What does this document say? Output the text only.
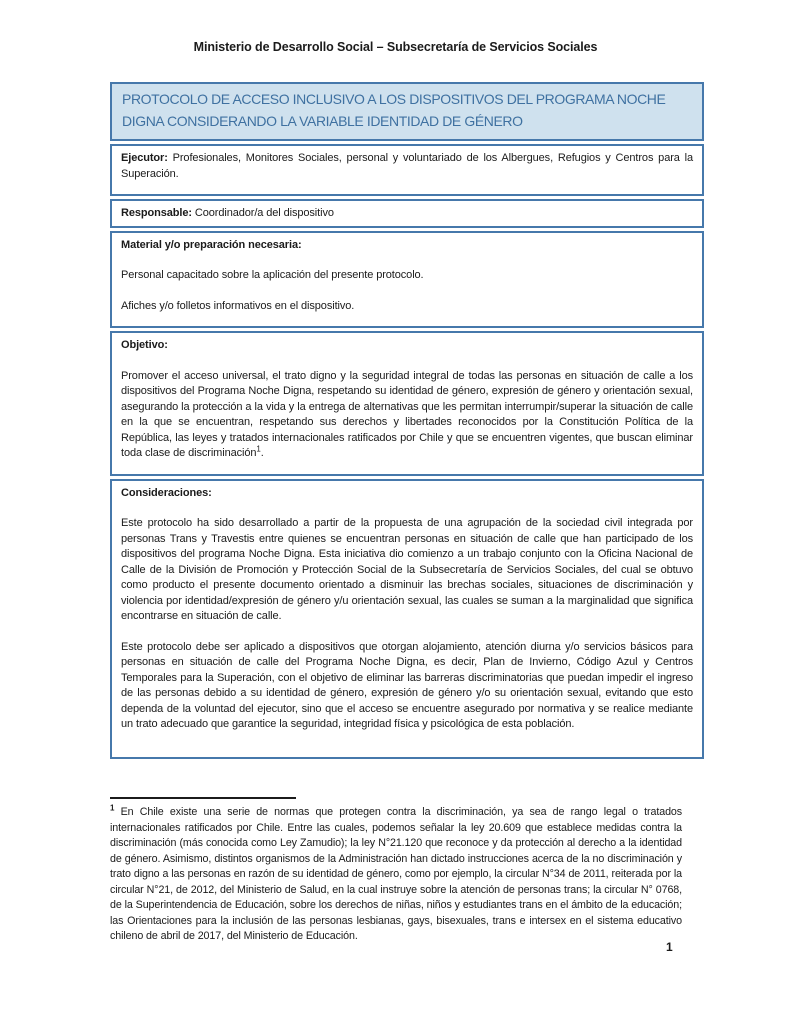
Ministerio de Desarrollo Social – Subsecretaría de Servicios Sociales
PROTOCOLO DE ACCESO INCLUSIVO A LOS DISPOSITIVOS DEL PROGRAMA NOCHE DIGNA CONSIDERANDO LA VARIABLE IDENTIDAD DE GÉNERO

Ejecutor: Profesionales, Monitores Sociales, personal y voluntariado de los Albergues, Refugios y Centros para la Superación.

Responsable: Coordinador/a del dispositivo

Material y/o preparación necesaria:

Personal capacitado sobre la aplicación del presente protocolo.

Afiches y/o folletos informativos en el dispositivo.

Objetivo:

Promover el acceso universal, el trato digno y la seguridad integral de todas las personas en situación de calle a los dispositivos del Programa Noche Digna, respetando su identidad de género, expresión de género y orientación sexual, asegurando la protección a la vida y la entrega de alternativas que les permitan interrumpir/superar la situación de calle en la que se encuentran, respetando sus derechos y libertades reconocidos por la Constitución Política de la República, las leyes y tratados internacionales ratificados por Chile y que se encuentren vigentes, que buscan eliminar toda clase de discriminación$^1$.

Consideraciones:

Este protocolo ha sido desarrollado a partir de la propuesta de una agrupación de la sociedad civil integrada por personas Trans y Travestis entre quienes se encuentran personas en situación de calle que han participado de los dispositivos del programa Noche Digna. Esta iniciativa dio comienzo a un trabajo conjunto con la Oficina Nacional de Calle de la División de Promoción y Protección Social de la Subsecretaría de Servicios Sociales, del cual se obtuvo como producto el presente documento orientado a disminuir las brechas sociales, situaciones de discriminación y violencia por identidad/expresión de género y/u orientación sexual, las cuales se suman a la marginalidad que significa encontrarse en situación de calle.

Este protocolo debe ser aplicado a dispositivos que otorgan alojamiento, atención diurna y/o servicios básicos para personas en situación de calle del Programa Noche Digna, es decir, Plan de Invierno, Código Azul y Centros Temporales para la Superación, con el objetivo de eliminar las barreras discriminatorias que puedan impedir el ingreso de las personas debido a su identidad de género, expresión de género y/o su orientación sexual, evitando que esto dependa de la voluntad del ejecutor, sino que el acceso se encuentre asegurado por normativa y se realice mediante un trato adecuado que garantice la seguridad, integridad física y psicológica de esta población.

$^1$ En Chile existe una serie de normas que protegen contra la discriminación, ya sea de rango legal o tratados internacionales ratificados por Chile. Entre las cuales, podemos señalar la ley 20.609 que establece medidas contra la discriminación (más conocida como Ley Zamudio); la ley N°21.120 que reconoce y da protección al derecho a la identidad de género. Asimismo, distintos organismos de la Administración han dictado instrucciones acerca de la no discriminación y trato digno a las personas en razón de su identidad de género, como por ejemplo, la circular N°34 de 2011, reiterada por la circular N°21, de 2012, del Ministerio de Salud, en la cual instruye sobre la atención de personas trans; la circular N° 0768, de la Superintendencia de Educación, sobre los derechos de niñas, niños y estudiantes trans en el ámbito de la educación; las Orientaciones para la inclusión de las personas lesbianas, gays, bisexuales, trans e intersex en el sistema educativo chileno de abril de 2017, del Ministerio de Educación.

1
